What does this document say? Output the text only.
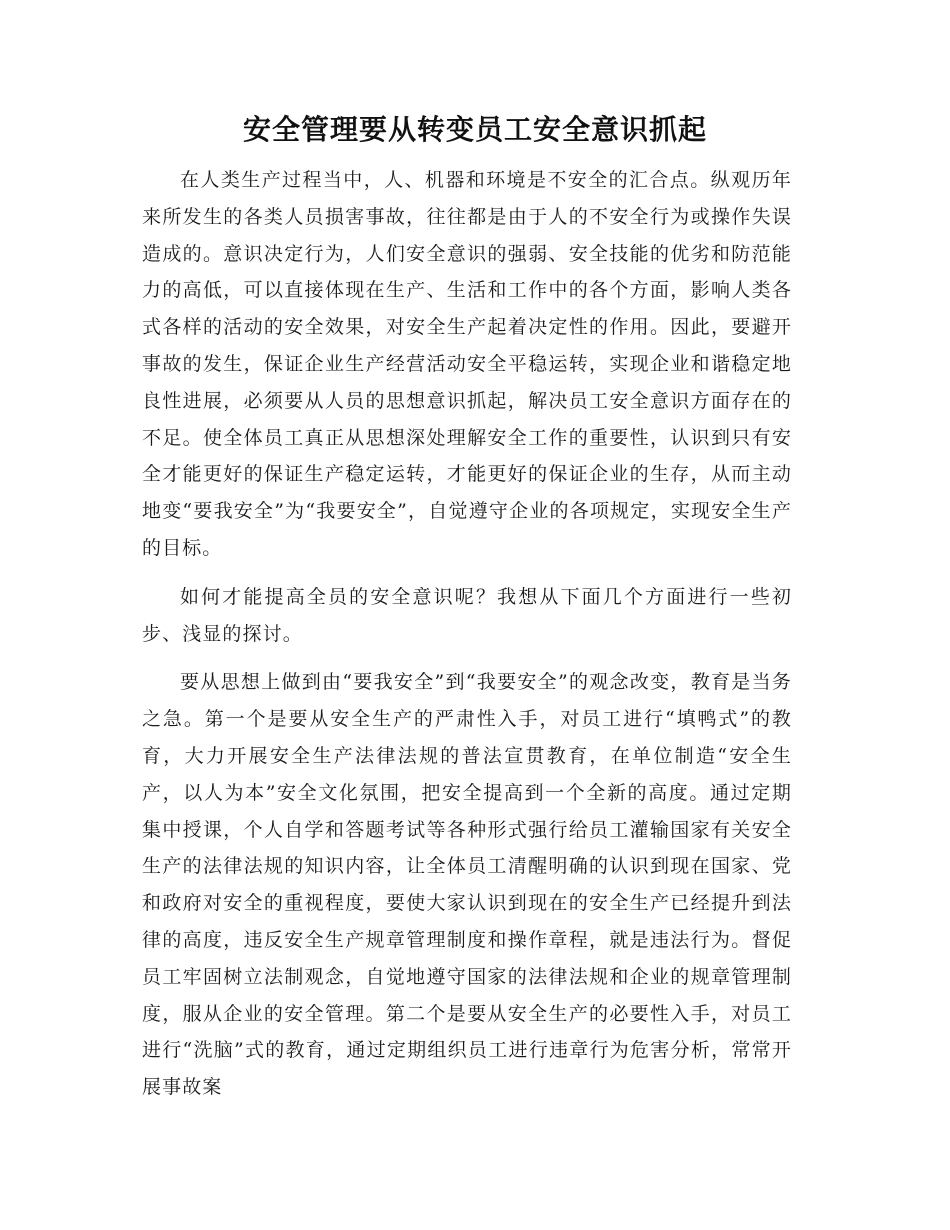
安全管理要从转变员工安全意识抓起

在人类生产过程当中，人、机器和环境是不安全的汇合点。纵观历年来所发生的各类人员损害事故，往往都是由于人的不安全行为或操作失误造成的。意识决定行为，人们安全意识的强弱、安全技能的优劣和防范能力的高低，可以直接体现在生产、生活和工作中的各个方面，影响人类各式各样的活动的安全效果，对安全生产起着决定性的作用。因此，要避开事故的发生，保证企业生产经营活动安全平稳运转，实现企业和谐稳定地良性进展，必须要从人员的思想意识抓起，解决员工安全意识方面存在的不足。使全体员工真正从思想深处理解安全工作的重要性，认识到只有安全才能更好的保证生产稳定运转，才能更好的保证企业的生存，从而主动地变“要我安全”为“我要安全”，自觉遵守企业的各项规定，实现安全生产的目标。

如何才能提高全员的安全意识呢？我想从下面几个方面进行一些初步、浅显的探讨。

要从思想上做到由“要我安全”到“我要安全”的观念改变，教育是当务之急。第一个是要从安全生产的严肃性入手，对员工进行“填鸭式”的教育，大力开展安全生产法律法规的普法宣贯教育，在单位制造“安全生产，以人为本”安全文化氛围，把安全提高到一个全新的高度。通过定期集中授课，个人自学和答题考试等各种形式强行给员工灌输国家有关安全生产的法律法规的知识内容，让全体员工清醒明确的认识到现在国家、党和政府对安全的重视程度，要使大家认识到现在的安全生产已经提升到法律的高度，违反安全生产规章管理制度和操作章程，就是违法行为。督促员工牢固树立法制观念，自觉地遵守国家的法律法规和企业的规章管理制度，服从企业的安全管理。第二个是要从安全生产的必要性入手，对员工进行“洗脑”式的教育，通过定期组织员工进行违章行为危害分析，常常开展事故案
